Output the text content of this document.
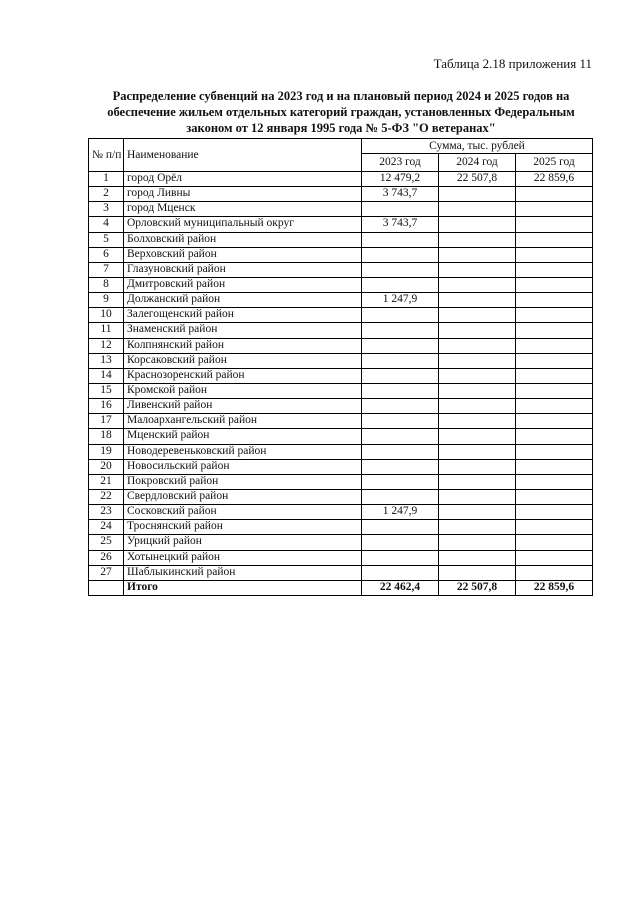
Таблица 2.18 приложения 11
Распределение субвенций на 2023 год и на плановый период 2024 и 2025 годов на обеспечение жильем отдельных категорий граждан, установленных Федеральным законом от 12 января 1995 года № 5-ФЗ "О ветеранах"
№ п/п	Наименование	Сумма, тыс. рублей		
		2023 год	2024 год	2025 год
1	город Орёл	12 479,2	22 507,8	22 859,6
2	город Ливны	3 743,7		
3	город Мценск			
4	Орловский муниципальный округ	3 743,7		
5	Болховский район			
6	Верховский район			
7	Глазуновский район			
8	Дмитровский район			
9	Должанский район	1 247,9		
10	Залегощенский район			
11	Знаменский район			
12	Колпнянский район			
13	Корсаковский район			
14	Краснозоренский район			
15	Кромской район			
16	Ливенский район			
17	Малоархангельский район			
18	Мценский район			
19	Новодеревеньковский район			
20	Новосильский район			
21	Покровский район			
22	Свердловский район			
23	Сосковский район	1 247,9		
24	Троснянский район			
25	Урицкий район			
26	Хотынецкий район			
27	Шаблыкинский район			
	Итого	22 462,4	22 507,8	22 859,6
